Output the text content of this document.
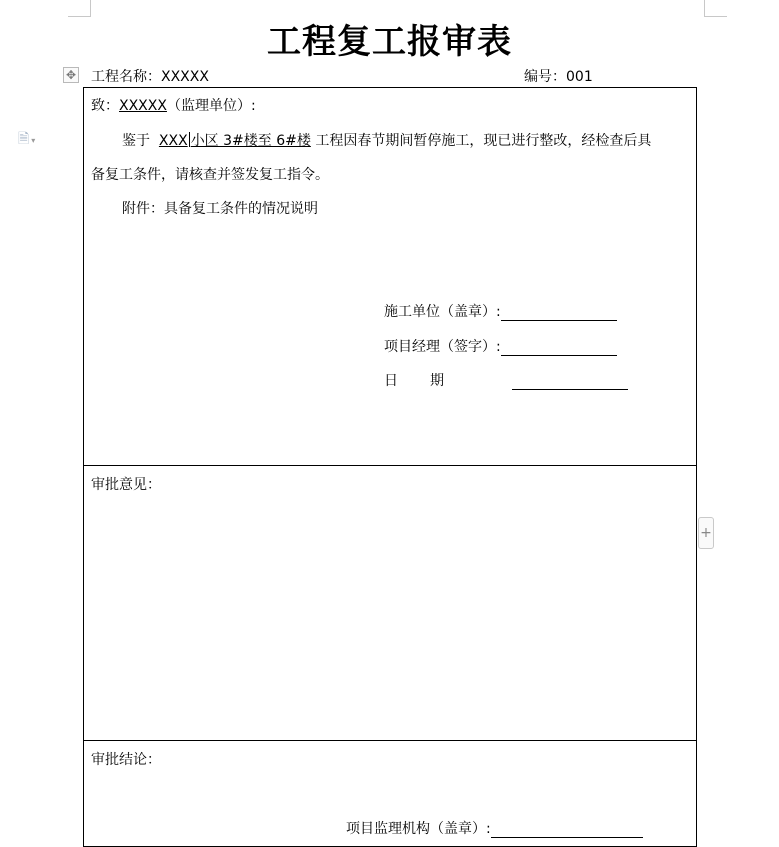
🗎 ▾
工程复工报审表
✥ 工程名称：XXXXX	编号：001
致：XXXXX（监理单位）:
鉴于 XXX 小区 3#楼至 6#楼 工程因春节期间暂停施工，现已进行整改，经检查后具
备复工条件，请核查并签发复工指令。
附件：具备复工条件的情况说明
施工单位（盖章）:
项目经理（签字）:
日 期
审批意见：
审批结论：
项目监理机构（盖章）:
+
